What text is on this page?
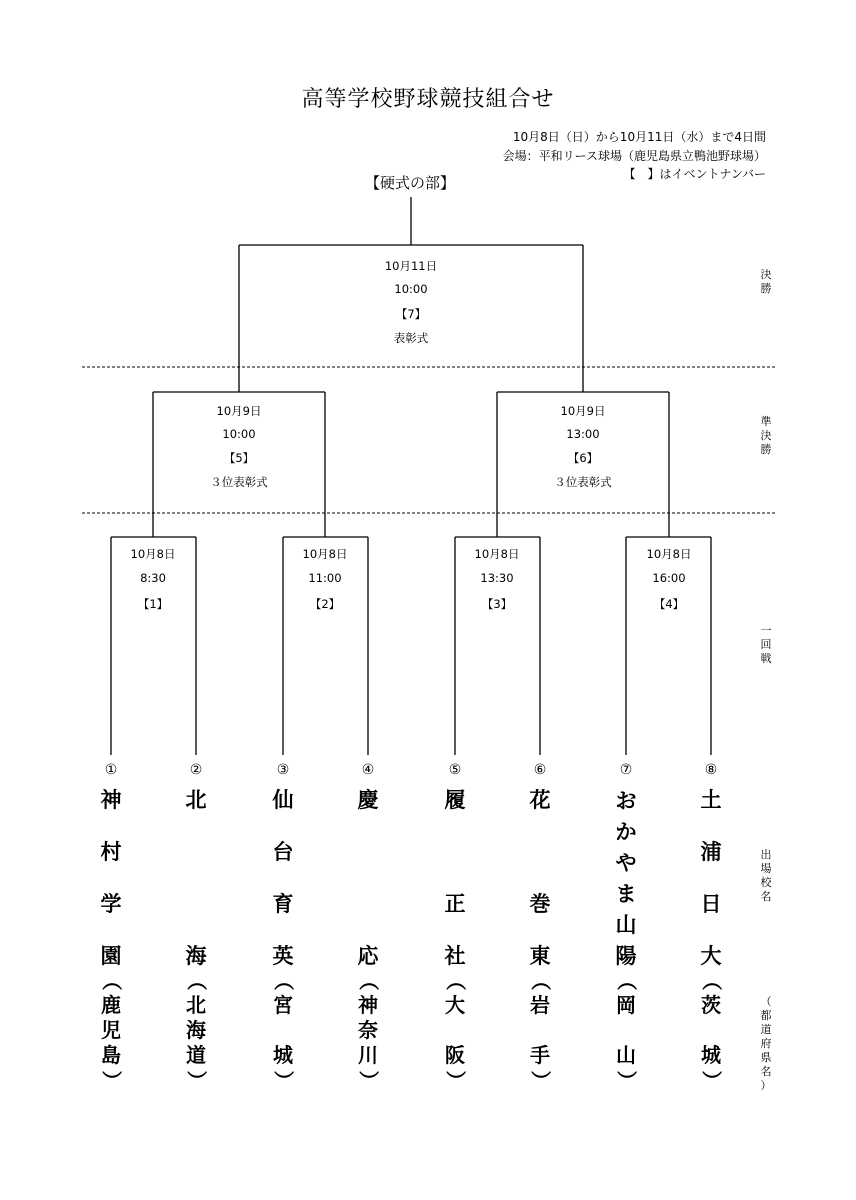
高等学校野球競技組合せ
10月8日（日）から10月11日（水）まで4日間
会場：平和リース球場（鹿児島県立鴨池野球場）
【　】はイベントナンバー
【硬式の部】
10月11日
10:00
【7】
表彰式
10月9日
10:00
【5】
３位表彰式
10月9日
13:00
【6】
３位表彰式
10月8日
8:30
【1】
10月8日
11:00
【2】
10月8日
13:30
【3】
10月8日
16:00
【4】
決
勝
準
決
勝
一
回
戦
出
場
校
名
（
都
道
府
県
名
）
①	②	③	④	⑤	⑥	⑦	⑧
神
村
学
園
（
鹿
児
島
）
北
海
（
北
海
道
）
仙
台
育
英
（
宮
城
）
慶
応
（
神
奈
川
）
履
正
社
（
大
阪
）
花
巻
東
（
岩
手
）
お
か
や
ま
山
陽
（
岡
山
）
土
浦
日
大
（
茨
城
）
